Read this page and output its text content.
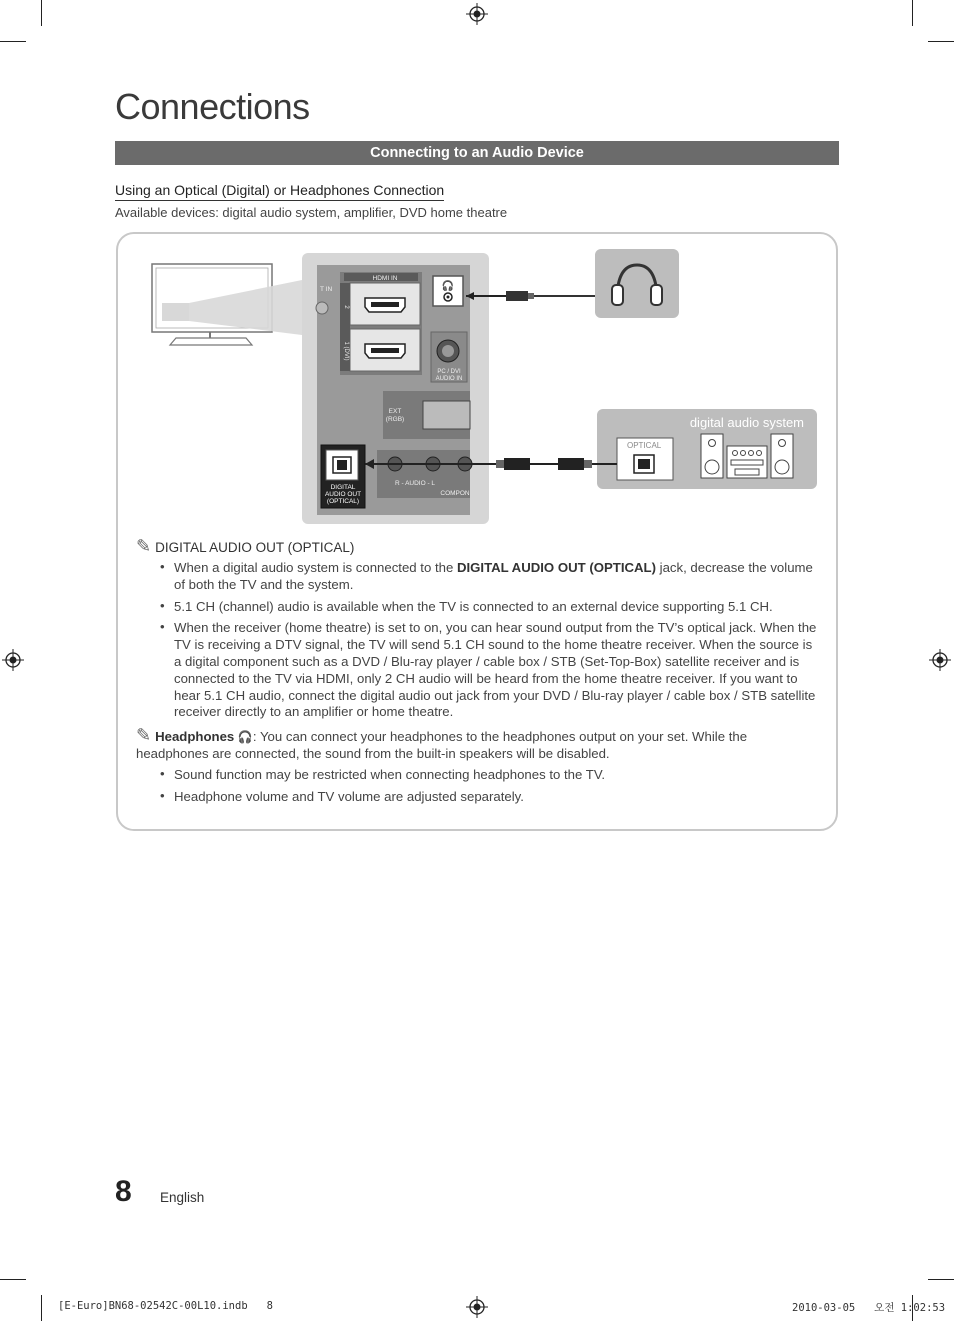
Connections
Connecting to an Audio Device
Using an Optical (Digital) or Headphones Connection
Available devices: digital audio system, amplifier, DVD home theatre
HDMI IN
2
1 (DVI)
T IN	🎧
PC / DVI
AUDIO IN
EXT
(RGB)
R - AUDIO - L
COMPON
DIGITAL
AUDIO OUT
(OPTICAL)
digital audio system
OPTICAL
✎ DIGITAL AUDIO OUT (OPTICAL)
• When a digital audio system is connected to the DIGITAL AUDIO OUT (OPTICAL) jack, decrease the volume of both the TV and the system.
• 5.1 CH (channel) audio is available when the TV is connected to an external device supporting 5.1 CH.
• When the receiver (home theatre) is set to on, you can hear sound output from the TV’s optical jack. When the TV is receiving a DTV signal, the TV will send 5.1 CH sound to the home theatre receiver. When the source is a digital component such as a DVD / Blu-ray player / cable box / STB (Set-Top-Box) satellite receiver and is connected to the TV via HDMI, only 2 CH audio will be heard from the home theatre receiver. If you want to hear 5.1 CH audio, connect the digital audio out jack from your DVD / Blu-ray player / cable box / STB satellite receiver directly to an amplifier or home theatre.
✎ Headphones 🎧: You can connect your headphones to the headphones output on your set. While the headphones are connected, the sound from the built-in speakers will be disabled.
• Sound function may be restricted when connecting headphones to the TV.
• Headphone volume and TV volume are adjusted separately.
8 English
[E-Euro]BN68-02542C-00L10.indb   8	2010-03-05   오전 1:02:53
